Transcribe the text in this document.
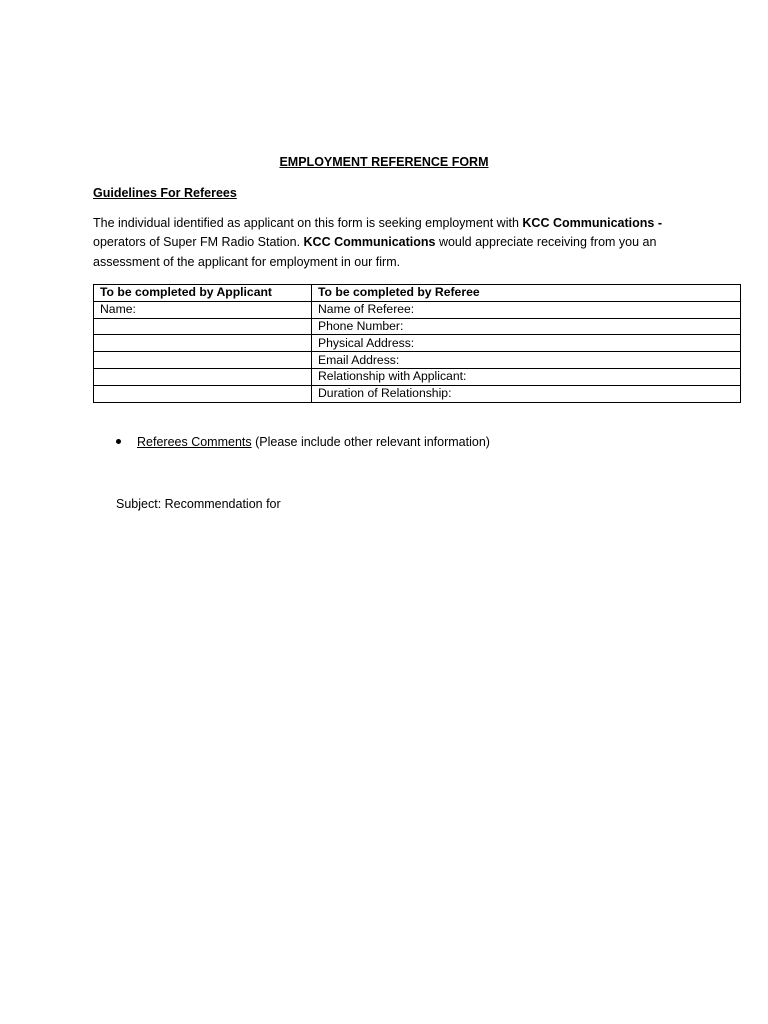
EMPLOYMENT REFERENCE FORM
Guidelines For Referees
The individual identified as applicant on this form is seeking employment with KCC Communications - operators of Super FM Radio Station. KCC Communications would appreciate receiving from you an assessment of the applicant for employment in our firm.
To be completed by Applicant	To be completed by Referee
Name:	Name of Referee:
	Phone Number:
	Physical Address:
	Email Address:
	Relationship with Applicant:
	Duration of Relationship:
Referees Comments (Please include other relevant information)
Subject: Recommendation for
